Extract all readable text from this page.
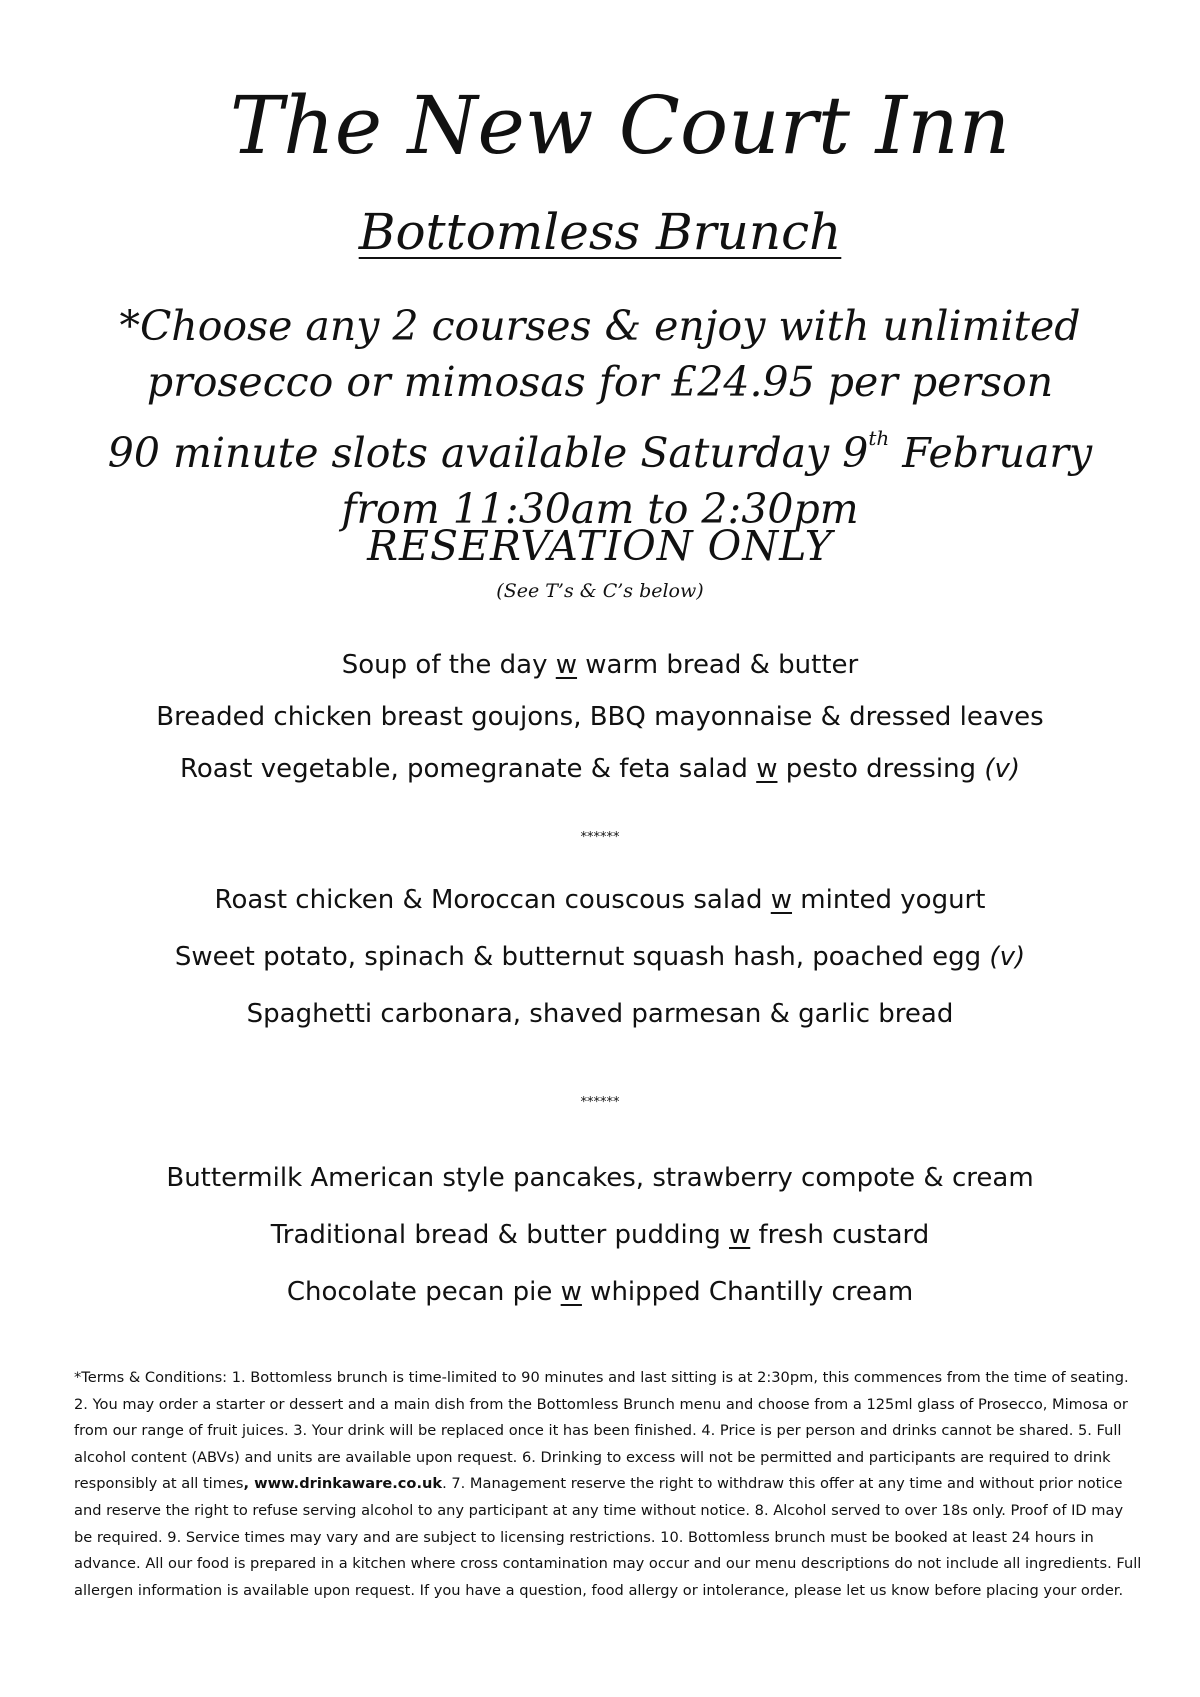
The New Court Inn
Bottomless Brunch
*Choose any 2 courses & enjoy with unlimited
prosecco or mimosas for £24.95 per person
90 minute slots available Saturday 9th February
from 11:30am to 2:30pm
RESERVATION ONLY
(See T’s & C’s below)
Soup of the day w warm bread & butter
Breaded chicken breast goujons, BBQ mayonnaise & dressed leaves
Roast vegetable, pomegranate & feta salad w pesto dressing (v)
******
Roast chicken & Moroccan couscous salad w minted yogurt
Sweet potato, spinach & butternut squash hash, poached egg (v)
Spaghetti carbonara, shaved parmesan & garlic bread
******
Buttermilk American style pancakes, strawberry compote & cream
Traditional bread & butter pudding w fresh custard
Chocolate pecan pie w whipped Chantilly cream
*Terms & Conditions: 1. Bottomless brunch is time-limited to 90 minutes and last sitting is at 2:30pm, this commences from the time of seating. 2. You may order a starter or dessert and a main dish from the Bottomless Brunch menu and choose from a 125ml glass of Prosecco, Mimosa or from our range of fruit juices. 3. Your drink will be replaced once it has been finished. 4. Price is per person and drinks cannot be shared. 5. Full alcohol content (ABVs) and units are available upon request. 6. Drinking to excess will not be permitted and participants are required to drink responsibly at all times, www.drinkaware.co.uk. 7. Management reserve the right to withdraw this offer at any time and without prior notice and reserve the right to refuse serving alcohol to any participant at any time without notice. 8. Alcohol served to over 18s only. Proof of ID may be required. 9. Service times may vary and are subject to licensing restrictions. 10. Bottomless brunch must be booked at least 24 hours in advance. All our food is prepared in a kitchen where cross contamination may occur and our menu descriptions do not include all ingredients. Full allergen information is available upon request. If you have a question, food allergy or intolerance, please let us know before placing your order.
